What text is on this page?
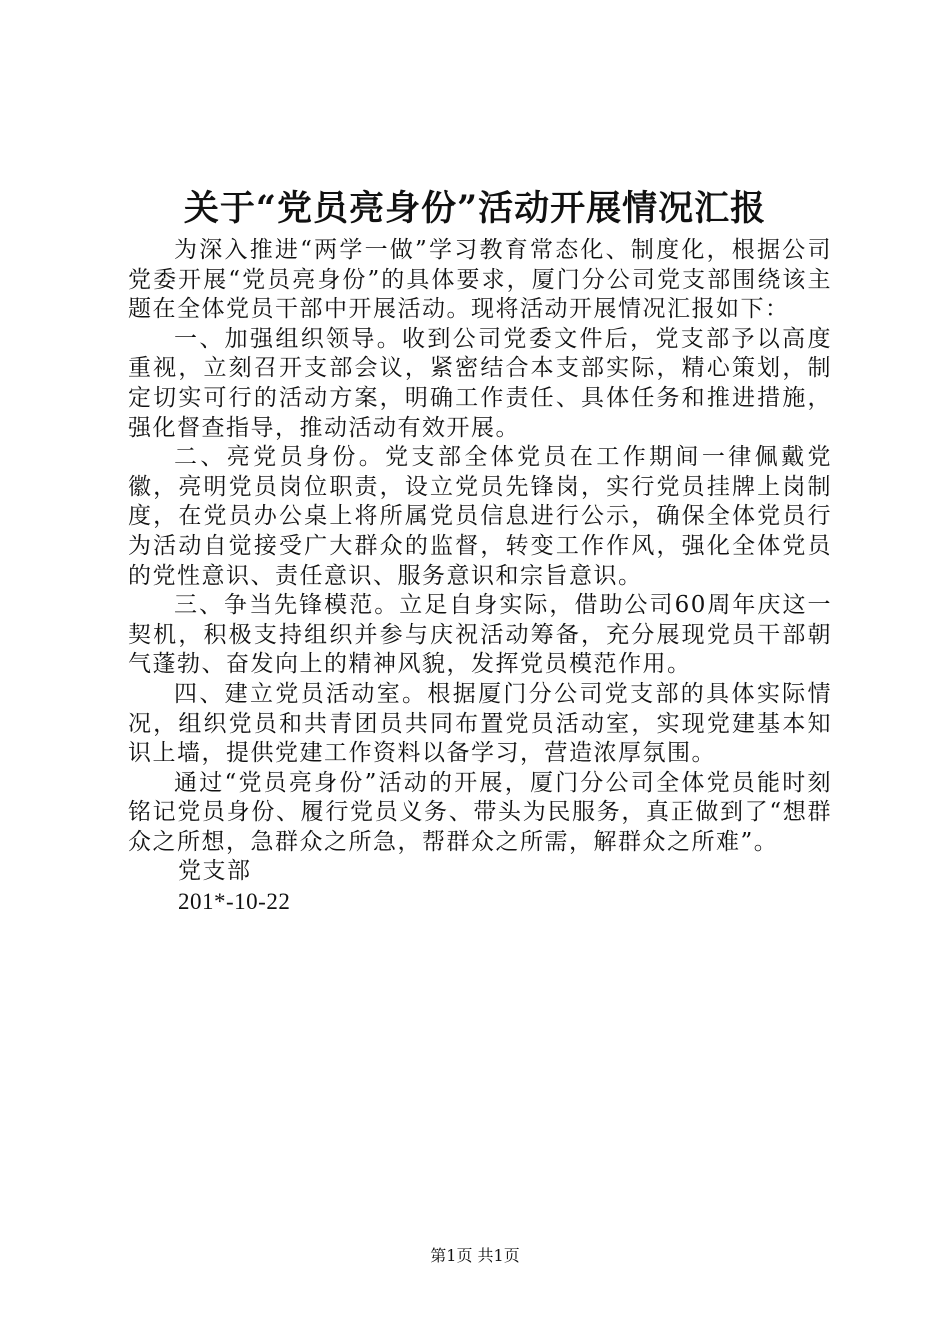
关于“党员亮身份”活动开展情况汇报

为深入推进“两学一做”学习教育常态化、制度化，根据公司党委开展“党员亮身份”的具体要求，厦门分公司党支部围绕该主题在全体党员干部中开展活动。现将活动开展情况汇报如下：

一、加强组织领导。收到公司党委文件后，党支部予以高度重视，立刻召开支部会议，紧密结合本支部实际，精心策划，制定切实可行的活动方案，明确工作责任、具体任务和推进措施，强化督查指导，推动活动有效开展。

二、亮党员身份。党支部全体党员在工作期间一律佩戴党徽，亮明党员岗位职责，设立党员先锋岗，实行党员挂牌上岗制度，在党员办公桌上将所属党员信息进行公示，确保全体党员行为活动自觉接受广大群众的监督，转变工作作风，强化全体党员的党性意识、责任意识、服务意识和宗旨意识。

三、争当先锋模范。立足自身实际，借助公司60周年庆这一契机，积极支持组织并参与庆祝活动筹备，充分展现党员干部朝气蓬勃、奋发向上的精神风貌，发挥党员模范作用。

四、建立党员活动室。根据厦门分公司党支部的具体实际情况，组织党员和共青团员共同布置党员活动室，实现党建基本知识上墙，提供党建工作资料以备学习，营造浓厚氛围。

通过“党员亮身份”活动的开展，厦门分公司全体党员能时刻铭记党员身份、履行党员义务、带头为民服务，真正做到了“想群众之所想，急群众之所急，帮群众之所需，解群众之所难”。

党支部
201*-10-22
第1页 共1页
